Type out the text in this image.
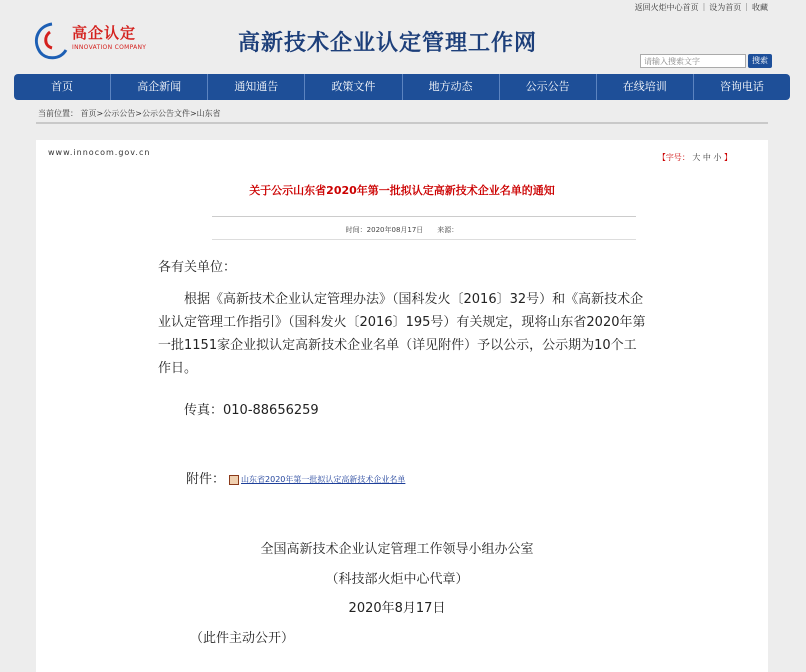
返回火炬中心首页 | 设为首页 | 收藏
高企认定
INNOVATION COMPANY	高新技术企业认定管理工作网
请输入搜索文字	搜索
首页	高企新闻	通知通告	政策文件	地方动态	公示公告	在线培训	咨询电话
当前位置： 首页>公示公告>公示公告文件>山东省
www.innocom.gov.cn
【字号： 大 中 小 】
关于公示山东省2020年第一批拟认定高新技术企业名单的通知
时间：2020年08月17日　　来源：
各有关单位：
根据《高新技术企业认定管理办法》（国科发火〔2016〕32号）和《高新技术企业认定管理工作指引》（国科发火〔2016〕195号）有关规定，现将山东省2020年第一批1151家企业拟认定高新技术企业名单（详见附件）予以公示，公示期为10个工作日。
传真：010-88656259
附件： 山东省2020年第一批拟认定高新技术企业名单
全国高新技术企业认定管理工作领导小组办公室
（科技部火炬中心代章）
2020年8月17日
（此件主动公开）
